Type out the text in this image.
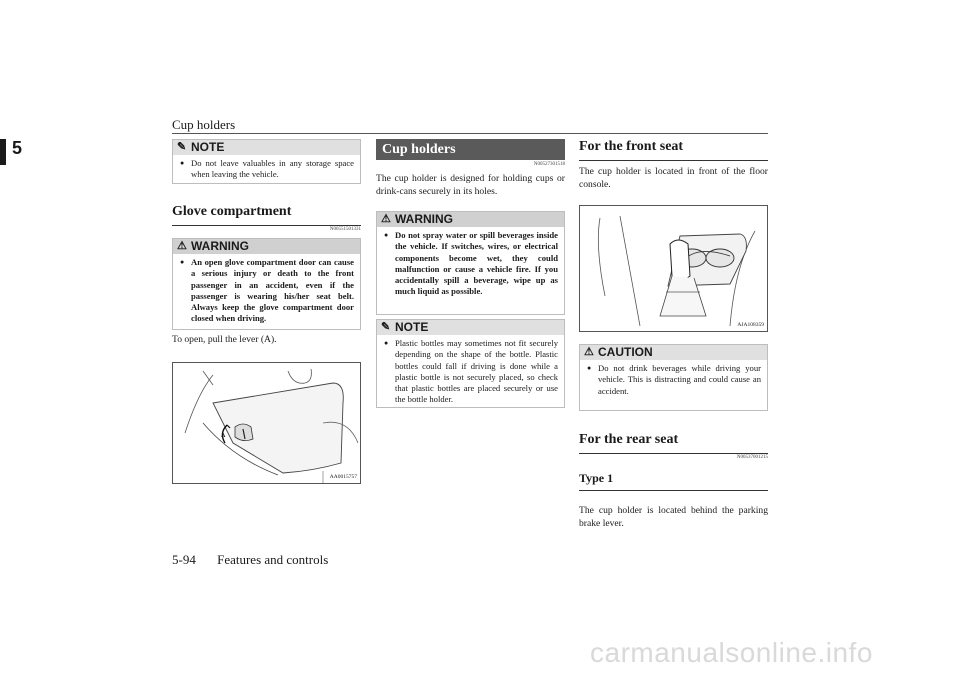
Cup holders
5	✎ NOTE
● Do not leave valuables in any storage space when leaving the vehicle.
Glove compartment
N00551501331
⚠ WARNING
● An open glove compartment door can cause a serious injury or death to the front passenger in an accident, even if the passenger is wearing his/her seat belt. Always keep the glove compartment door closed when driving.
To open, pull the lever (A).
A
AA0015757
Cup holders
N00527301518
The cup holder is designed for holding cups or drink-cans securely in its holes.
⚠ WARNING
● Do not spray water or spill beverages inside the vehicle. If switches, wires, or electrical components become wet, they could malfunction or cause a vehicle fire. If you accidentally spill a beverage, wipe up as much liquid as possible.
✎ NOTE
● Plastic bottles may sometimes not fit securely depending on the shape of the bottle. Plastic bottles could fall if driving is done while a plastic bottle is not securely placed, so check that plastic bottles are placed securely or use the bottle holder.
For the front seat
The cup holder is located in front of the floor console.
AJA108359
⚠ CAUTION
● Do not drink beverages while driving your vehicle. This is distracting and could cause an accident.
For the rear seat
N00537001215
Type 1
The cup holder is located behind the parking brake lever.
5-94 Features and controls
carmanualsonline.info
